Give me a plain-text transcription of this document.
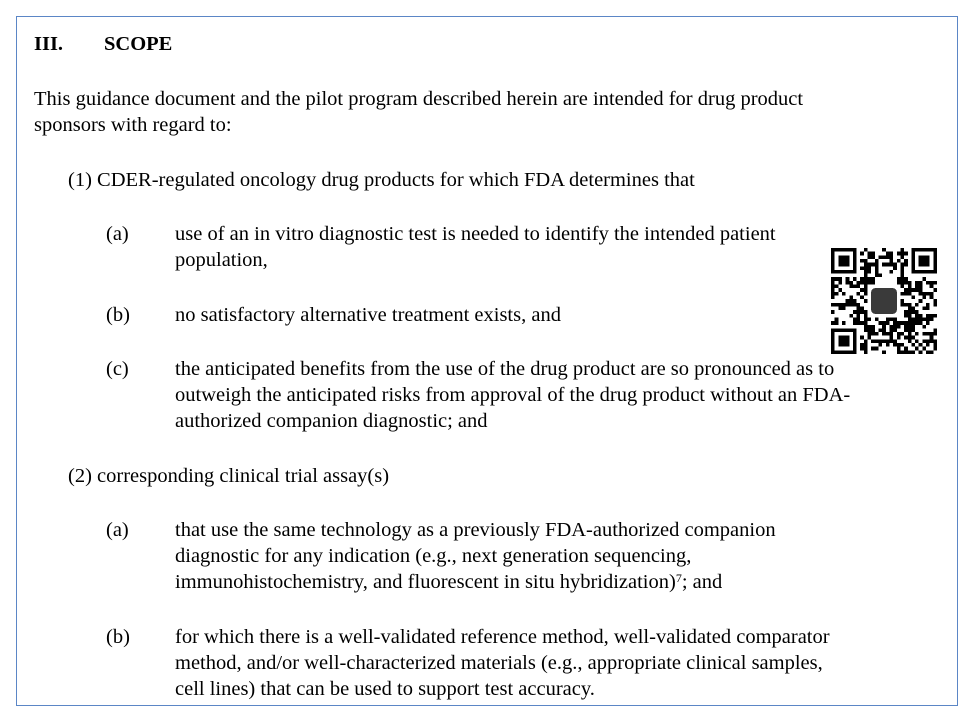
III. SCOPE
This guidance document and the pilot program described herein are intended for drug product
sponsors with regard to:
(1) CDER-regulated oncology drug products for which FDA determines that
(a) use of an in vitro diagnostic test is needed to identify the intended patient
population,
(b) no satisfactory alternative treatment exists, and
(c) the anticipated benefits from the use of the drug product are so pronounced as to
outweigh the anticipated risks from approval of the drug product without an FDA-
authorized companion diagnostic; and
(2) corresponding clinical trial assay(s)
(a) that use the same technology as a previously FDA-authorized companion
diagnostic for any indication (e.g., next generation sequencing,
immunohistochemistry, and fluorescent in situ hybridization)$^7$; and
(b) for which there is a well-validated reference method, well-validated comparator
method, and/or well-characterized materials (e.g., appropriate clinical samples,
cell lines) that can be used to support test accuracy.
